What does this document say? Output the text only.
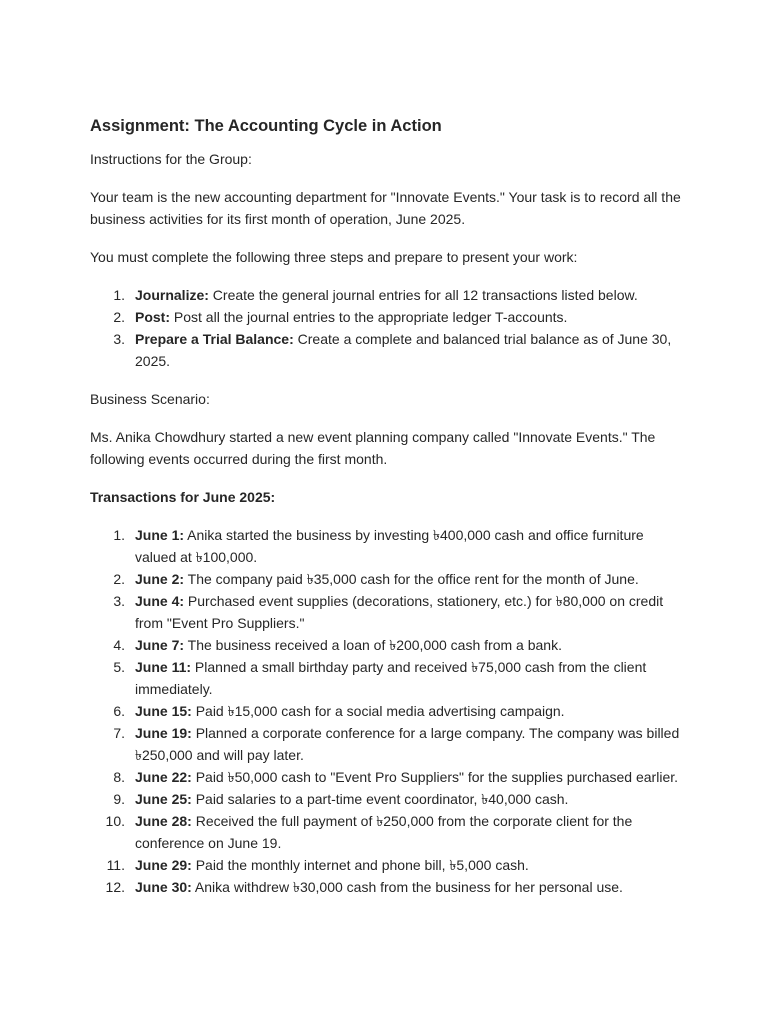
Assignment: The Accounting Cycle in Action

Instructions for the Group:

Your team is the new accounting department for "Innovate Events." Your task is to record all the business activities for its first month of operation, June 2025.

You must complete the following three steps and prepare to present your work:

1. Journalize: Create the general journal entries for all 12 transactions listed below.
2. Post: Post all the journal entries to the appropriate ledger T-accounts.
3. Prepare a Trial Balance: Create a complete and balanced trial balance as of June 30, 2025.

Business Scenario:

Ms. Anika Chowdhury started a new event planning company called "Innovate Events." The following events occurred during the first month.

Transactions for June 2025:

1. June 1: Anika started the business by investing ৳400,000 cash and office furniture valued at ৳100,000.
2. June 2: The company paid ৳35,000 cash for the office rent for the month of June.
3. June 4: Purchased event supplies (decorations, stationery, etc.) for ৳80,000 on credit from "Event Pro Suppliers."
4. June 7: The business received a loan of ৳200,000 cash from a bank.
5. June 11: Planned a small birthday party and received ৳75,000 cash from the client immediately.
6. June 15: Paid ৳15,000 cash for a social media advertising campaign.
7. June 19: Planned a corporate conference for a large company. The company was billed ৳250,000 and will pay later.
8. June 22: Paid ৳50,000 cash to "Event Pro Suppliers" for the supplies purchased earlier.
9. June 25: Paid salaries to a part-time event coordinator, ৳40,000 cash.
10. June 28: Received the full payment of ৳250,000 from the corporate client for the conference on June 19.
11. June 29: Paid the monthly internet and phone bill, ৳5,000 cash.
12. June 30: Anika withdrew ৳30,000 cash from the business for her personal use.
